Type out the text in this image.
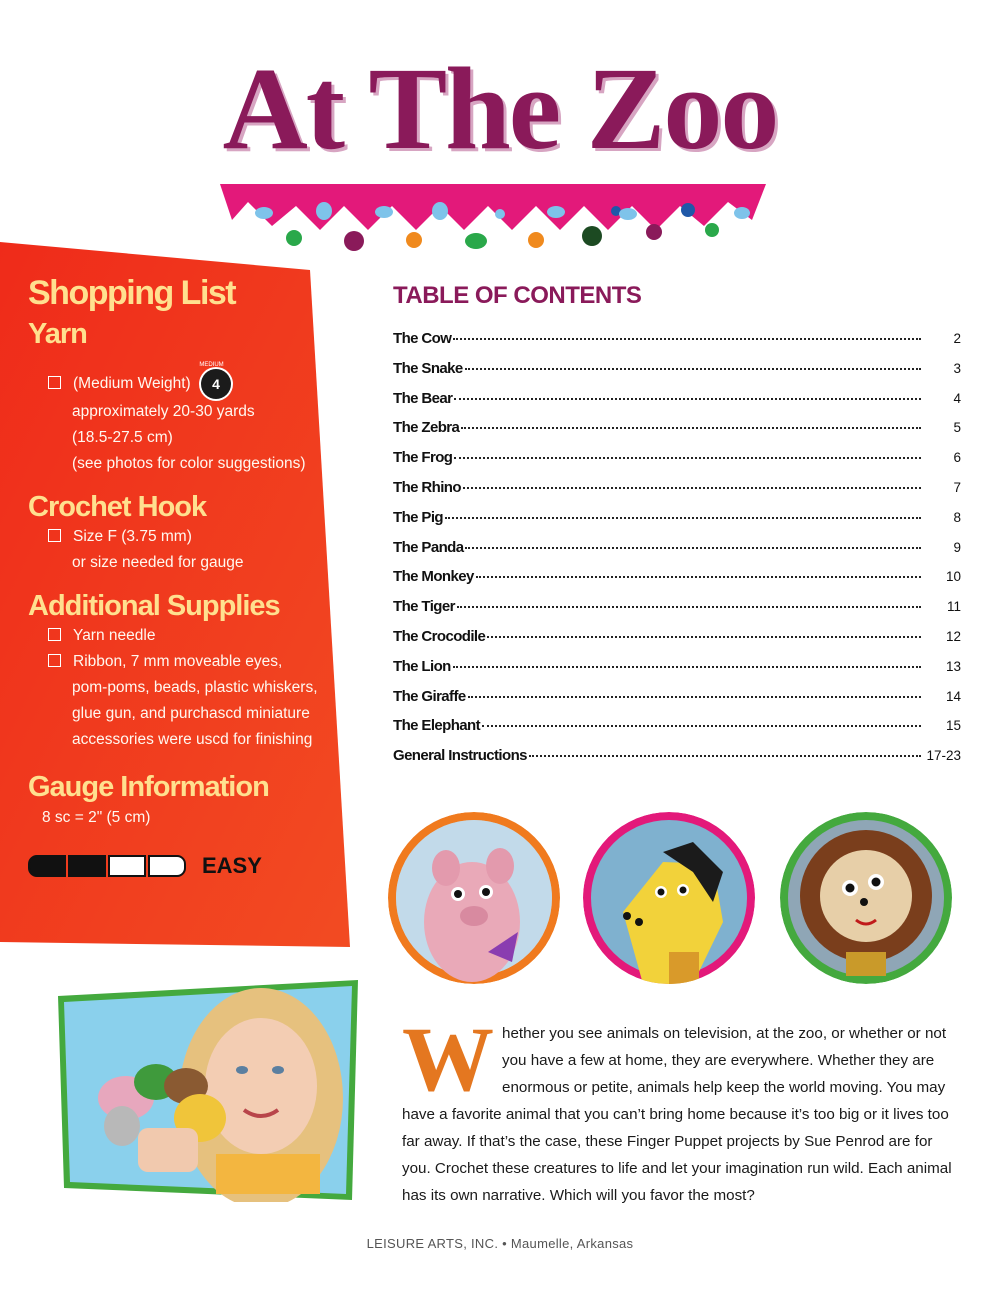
At The Zoo
Shopping List
Yarn
(Medium Weight) 4 $^{MEDIUM}$
approximately 20-30 yards
(18.5-27.5 cm)
(see photos for color suggestions)
Crochet Hook
Size F (3.75 mm)
or size needed for gauge
Additional Supplies
Yarn needle
Ribbon, 7 mm moveable eyes,
pom-poms, beads, plastic whiskers,
glue gun, and purchascd miniature
accessories were uscd for finishing
Gauge Information
8 sc = 2" (5 cm)
EASY
TABLE OF CONTENTS
The Cow	2
The Snake	3
The Bear	4
The Zebra	5
The Frog	6
The Rhino	7
The Pig	8
The Panda	9
The Monkey	10
The Tiger	11
The Crocodile	12
The Lion	13
The Giraffe	14
The Elephant	15
General Instructions	17-23

Whether you see animals on television, at the zoo, or whether or not you have a few at home, they are everywhere. Whether they are enormous or petite, animals help keep the world moving. You may have a favorite animal that you can’t bring home because it’s too big or it lives too far away. If that’s the case, these Finger Puppet projects by Sue Penrod are for you. Crochet these creatures to life and let your imagination run wild. Each animal has its own narrative. Which will you favor the most?

LEISURE ARTS, INC. • Maumelle, Arkansas
